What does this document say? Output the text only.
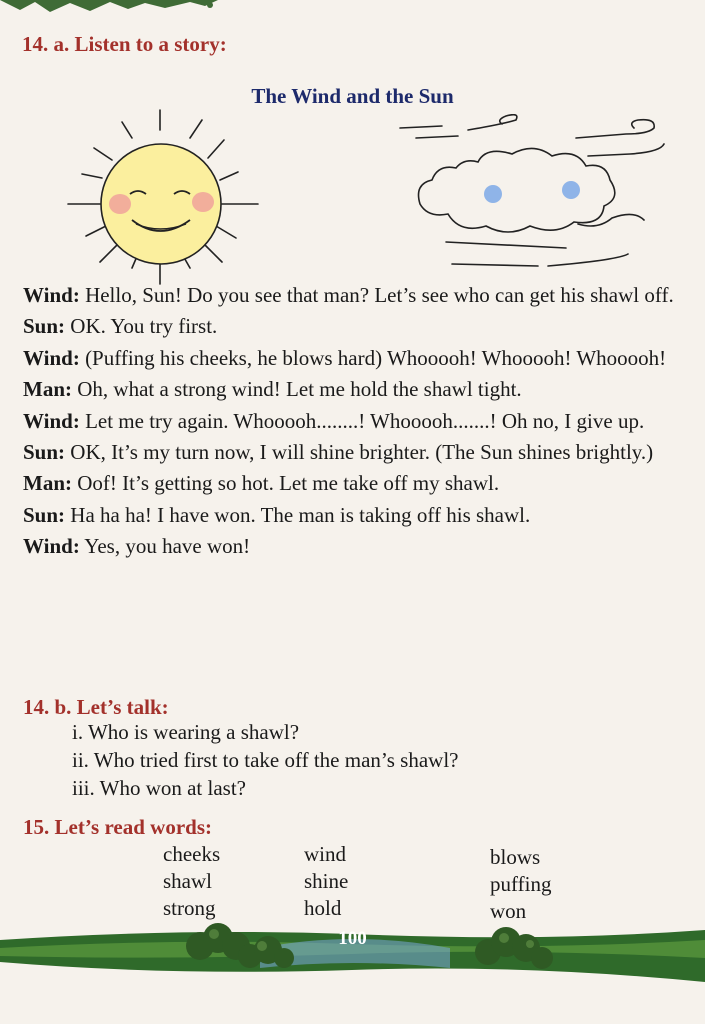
14. a. Listen to a story:
The Wind and the Sun

Wind: Hello, Sun! Do you see that man? Let’s see who can get his shawl off.

Sun: OK. You try first.

Wind: (Puffing his cheeks, he blows hard) Whooooh! Whooooh! Whooooh!

Man: Oh, what a strong wind! Let me hold the shawl tight.

Wind: Let me try again. Whooooh........! Whooooh.......! Oh no, I give up.

Sun: OK, It’s my turn now, I will shine brighter. (The Sun shines brightly.)

Man: Oof! It’s getting so hot. Let me take off my shawl.

Sun: Ha ha ha! I have won. The man is taking off his shawl.

Wind: Yes, you have won!

14. b. Let’s talk:

i. Who is wearing a shawl?

ii. Who tried first to take off the man’s shawl?

iii. Who won at last?

15. Let’s read words:
cheeks
shawl
strong
wind
shine
hold
blows
puffing
won
100
